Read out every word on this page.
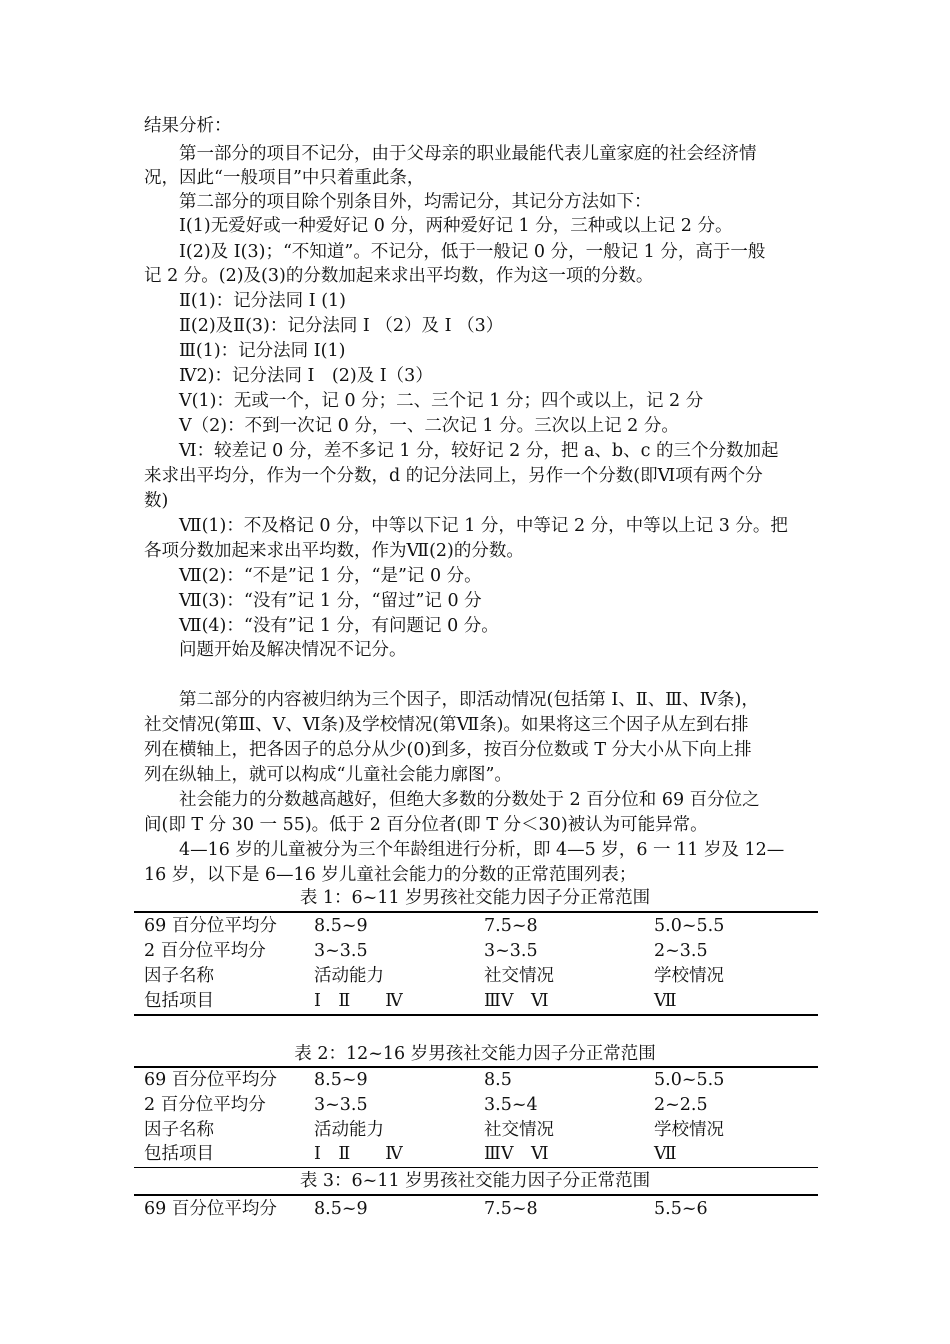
结果分析：
第一部分的项目不记分，由于父母亲的职业最能代表儿童家庭的社会经济情
况，因此“一般项目”中只着重此条，
第二部分的项目除个别条目外，均需记分，其记分方法如下：
I(1)无爱好或一种爱好记 0 分，两种爱好记 1 分，三种或以上记 2 分。
I(2)及 I(3)；“不知道”。不记分，低于一般记 0 分，一般记 1 分，高于一般
记 2 分。(2)及(3)的分数加起来求出平均数，作为这一项的分数。
Ⅱ(1)：记分法同 I (1)
Ⅱ(2)及Ⅱ(3)：记分法同 I （2）及 I （3）
Ⅲ(1)：记分法同 I(1)
Ⅳ2)：记分法同 I　(2)及 I（3）
Ⅴ(1)：无或一个，记 0 分；二、三个记 1 分；四个或以上，记 2 分
Ⅴ（2)：不到一次记 0 分，一、二次记 1 分。三次以上记 2 分。
Ⅵ：较差记 0 分，差不多记 1 分，较好记 2 分，把 a、b、c 的三个分数加起
来求出平均分，作为一个分数，d 的记分法同上，另作一个分数(即Ⅵ项有两个分
数)
Ⅶ(1)：不及格记 0 分，中等以下记 1 分，中等记 2 分，中等以上记 3 分。把
各项分数加起来求出平均数，作为Ⅶ(2)的分数。
Ⅶ(2)：“不是”记 1 分，“是”记 0 分。
Ⅶ(3)：“没有”记 1 分，“留过”记 0 分
Ⅶ(4)：“没有”记 1 分，有问题记 0 分。
问题开始及解决情况不记分。
第二部分的内容被归纳为三个因子，即活动情况(包括第 I、Ⅱ、Ⅲ、Ⅳ条)，
社交情况(第Ⅲ、Ⅴ、Ⅵ条)及学校情况(第Ⅶ条)。如果将这三个因子从左到右排
列在横轴上，把各因子的总分从少(0)到多，按百分位数或 T 分大小从下向上排
列在纵轴上，就可以构成“儿童社会能力廓图”。
社会能力的分数越高越好，但绝大多数的分数处于 2 百分位和 69 百分位之
间(即 T 分 30 一 55)。低于 2 百分位者(即 T 分＜30)被认为可能异常。
4—16 岁的儿童被分为三个年龄组进行分析，即 4—5 岁，6 一 11 岁及 12—
16 岁，以下是 6—16 岁儿童社会能力的分数的正常范围列表；
表 1：6~11 岁男孩社交能力因子分正常范围
69 百分位平均分 8.5~9	7.5~8	5.0~5.5
2 百分位平均分	3~3.5	3~3.5	2~3.5
因子名称	活动能力	社交情况	学校情况
包括项目	Ⅰ　Ⅱ　　Ⅳ	ⅢⅤ　Ⅵ	Ⅶ
表 2：12~16 岁男孩社交能力因子分正常范围
69 百分位平均分 8.5~9	8.5	5.0~5.5
2 百分位平均分	3~3.5	3.5~4	2~2.5
因子名称	活动能力	社交情况	学校情况
包括项目	Ⅰ　Ⅱ　　Ⅳ	ⅢⅤ　Ⅵ	Ⅶ
表 3：6~11 岁男孩社交能力因子分正常范围
69 百分位平均分 8.5~9	7.5~8	5.5~6
